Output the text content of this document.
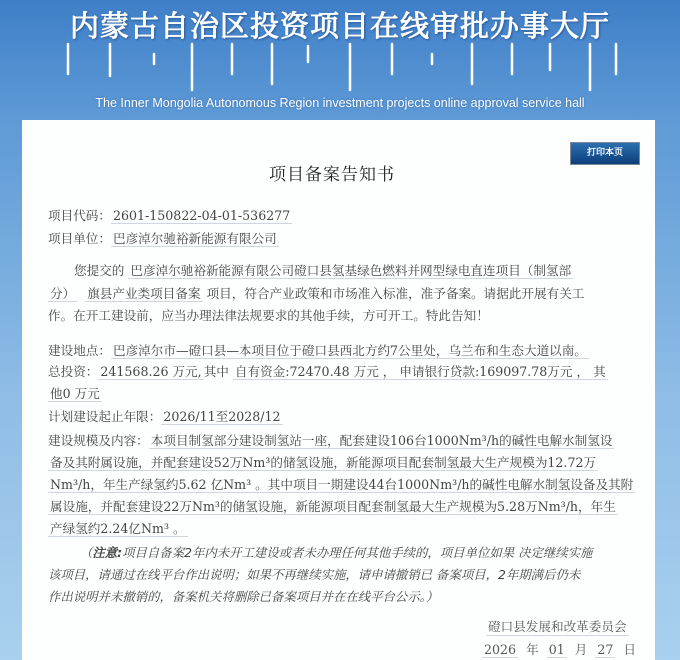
内蒙古自治区投资项目在线审批办事大厅
The Inner Mongolia Autonomous Region investment projects online approval service hall
打印本页
项目备案告知书
项目代码： 2601-150822-04-01-536277
项目单位： 巴彦淖尔驰裕新能源有限公司
您提交的 巴彦淖尔驰裕新能源有限公司磴口县氢基绿色燃料并网型绿电直连项目（制氢部
分） 旗县产业类项目备案 项目，符合产业政策和市场准入标准，准予备案。请据此开展有关工
作。在开工建设前，应当办理法律法规要求的其他手续，方可开工。特此告知！
建设地点： 巴彦淖尔市—磴口县—本项目位于磴口县西北方约7公里处，乌兰布和生态大道以南。
总投资： 241568.26 万元, 其中 自有资金:72470.48 万元 ， 申请银行贷款:169097.78万元 ， 其
他0 万元
计划建设起止年限： 2026/11至2028/12
建设规模及内容： 本项目制氢部分建设制氢站一座，配套建设106台1000Nm³/h的碱性电解水制氢设
备及其附属设施，并配套建设52万Nm³的储氢设施，新能源项目配套制氢最大生产规模为12.72万
Nm³/h，年生产绿氢约5.62 亿Nm³ 。其中项目一期建设44台1000Nm³/h的碱性电解水制氢设备及其附
属设施，并配套建设22万Nm³的储氢设施，新能源项目配套制氢最大生产规模为5.28万Nm³/h，年生
产绿氢约2.24亿Nm³ 。
（注意:项目自备案2年内未开工建设或者未办理任何其他手续的，项目单位如果 决定继续实施
该项目，请通过在线平台作出说明；如果不再继续实施，请申请撤销已 备案项目，2年期满后仍未
作出说明并未撤销的，备案机关将删除已备案项目并在在线平台公示。）
磴口县发展和改革委员会
2026 年 01 月 27 日
